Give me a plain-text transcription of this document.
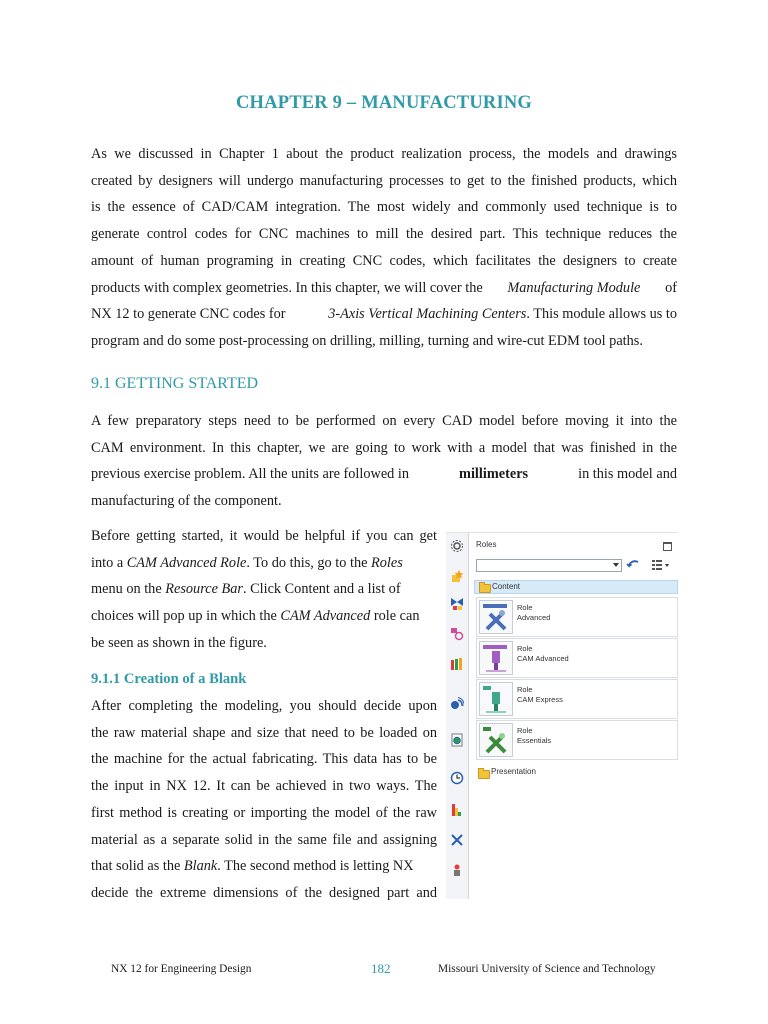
CHAPTER 9 – MANUFACTURING
As we discussed in Chapter 1 about the product realization process, the models and drawings
created by designers will undergo manufacturing processes to get to the finished products, which
is the essence of CAD/CAM integration. The most widely and commonly used technique is to
generate control codes for CNC machines to mill the desired part. This technique reduces the
amount of human programing in creating CNC codes, which facilitates the designers to create
products with complex geometries. In this chapter, we will cover the Manufacturing Module of
NX 12 to generate CNC codes for	3-Axis Vertical Machining Centers. This module allows us to
program and do some post-processing on drilling, milling, turning and wire-cut EDM tool paths.
9.1 GETTING STARTED
A few preparatory steps need to be performed on every CAD model before moving it into the
CAM environment. In this chapter, we are going to work with a model that was finished in the
previous exercise problem. All the units are followed in	millimeters	in this model and
manufacturing of the component.
Before getting started, it would be helpful if you can get
into a CAM Advanced Role. To do this, go to the Roles
menu on the Resource Bar. Click Content and a list of
choices will pop up in which the CAM Advanced role can
be seen as shown in the figure.
9.1.1 Creation of a Blank
After completing the modeling, you should decide upon
the raw material shape and size that need to be loaded on
the machine for the actual fabricating. This data has to be
the input in NX 12. It can be achieved in two ways. The
first method is creating or importing the model of the raw
material as a separate solid in the same file and assigning
that solid as the Blank. The second method is letting NX
decide the extreme dimensions of the designed part and
Roles
Content
Role
Advanced
Role
CAM Advanced
Role
CAM Express
Role
Essentials
Presentation
NX 12 for Engineering Design	182	Missouri University of Science and Technology
